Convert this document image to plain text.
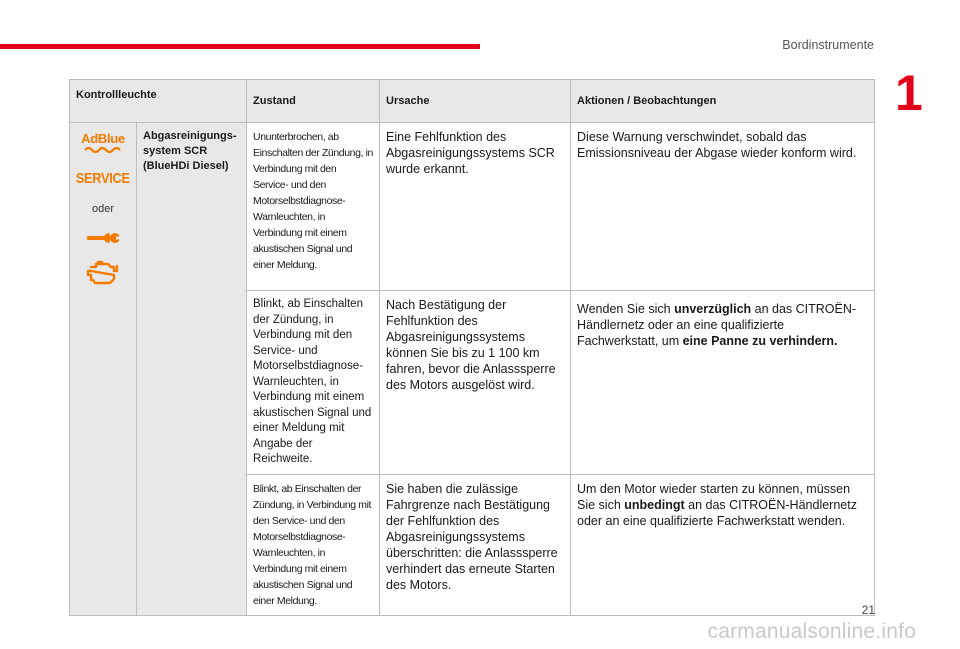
Bordinstrumente
1
Kontrollleuchte		Zustand	Ursache	Aktionen / Beobachtungen

AdBlue
SERVICE
oder	Abgasreinigungs-system SCR (BlueHDi Diesel)	Ununterbrochen, ab Einschalten der Zündung, in Verbindung mit den Service- und den Motorselbstdiagnose-Warnleuchten, in Verbindung mit einem akustischen Signal und einer Meldung.	Eine Fehlfunktion des Abgasreinigungssystems SCR wurde erkannt.	Diese Warnung verschwindet, sobald das Emissionsniveau der Abgase wieder konform wird.
		Blinkt, ab Einschalten der Zündung, in Verbindung mit den Service- und Motorselbstdiagnose-Warnleuchten, in Verbindung mit einem akustischen Signal und einer Meldung mit Angabe der Reichweite.	Nach Bestätigung der Fehlfunktion des Abgasreinigungssystems können Sie bis zu 1 100 km fahren, bevor die Anlasssperre des Motors ausgelöst wird.	Wenden Sie sich unverzüglich an das CITROËN-Händlernetz oder an eine qualifizierte Fachwerkstatt, um eine Panne zu verhindern.
		Blinkt, ab Einschalten der Zündung, in Verbindung mit den Service- und den Motorselbstdiagnose-Warnleuchten, in Verbindung mit einem akustischen Signal und einer Meldung.	Sie haben die zulässige Fahrgrenze nach Bestätigung der Fehlfunktion des Abgasreinigungssystems überschritten: die Anlasssperre verhindert das erneute Starten des Motors.	Um den Motor wieder starten zu können, müssen Sie sich unbedingt an das CITROËN-Händlernetz oder an eine qualifizierte Fachwerkstatt wenden.
21
carmanualsonline.info
